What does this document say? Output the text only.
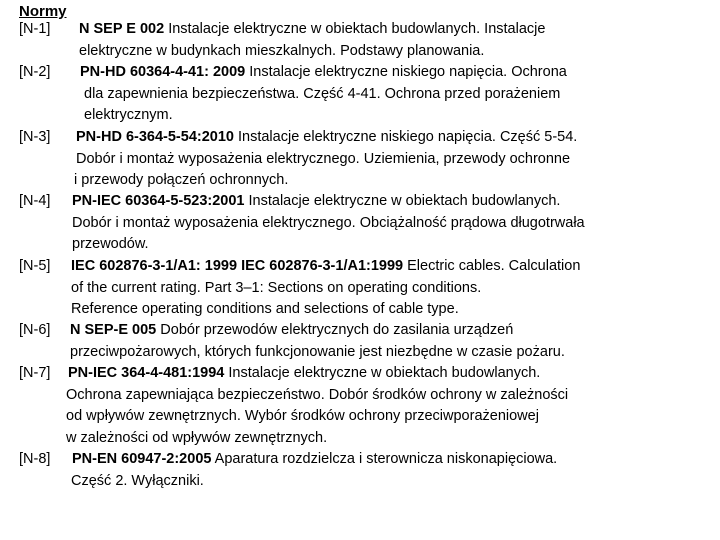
Normy
[N-1] N SEP E 002 Instalacje elektryczne w obiektach budowlanych. Instalacje
elektryczne w budynkach mieszkalnych. Podstawy planowania.
[N-2] PN-HD 60364-4-41: 2009 Instalacje elektryczne niskiego napięcia. Ochrona
dla zapewnienia bezpieczeństwa. Część 4-41. Ochrona przed porażeniem
elektrycznym.
[N-3] PN-HD 6-364-5-54:2010 Instalacje elektryczne niskiego napięcia. Część 5-54.
Dobór i montaż wyposażenia elektrycznego. Uziemienia, przewody ochronne
i przewody połączeń ochronnych.
[N-4] PN-IEC 60364-5-523:2001 Instalacje elektryczne w obiektach budowlanych.
Dobór i montaż wyposażenia elektrycznego. Obciążalność prądowa długotrwała
przewodów.
[N-5] IEC 602876-3-1/A1: 1999 IEC 602876-3-1/A1:1999 Electric cables. Calculation
of the current rating. Part 3–1: Sections on operating conditions.
Reference operating conditions and selections of cable type.
[N-6] N SEP-E 005 Dobór przewodów elektrycznych do zasilania urządzeń
przeciwpożarowych, których funkcjonowanie jest niezbędne w czasie pożaru.
[N-7] PN-IEC 364-4-481:1994 Instalacje elektryczne w obiektach budowlanych.
Ochrona zapewniająca bezpieczeństwo. Dobór środków ochrony w zależności
od wpływów zewnętrznych. Wybór środków ochrony przeciwporażeniowej
w zależności od wpływów zewnętrznych.
[N-8] PN-EN 60947-2:2005 Aparatura rozdzielcza i sterownicza niskonapięciowa.
Część 2. Wyłączniki.
